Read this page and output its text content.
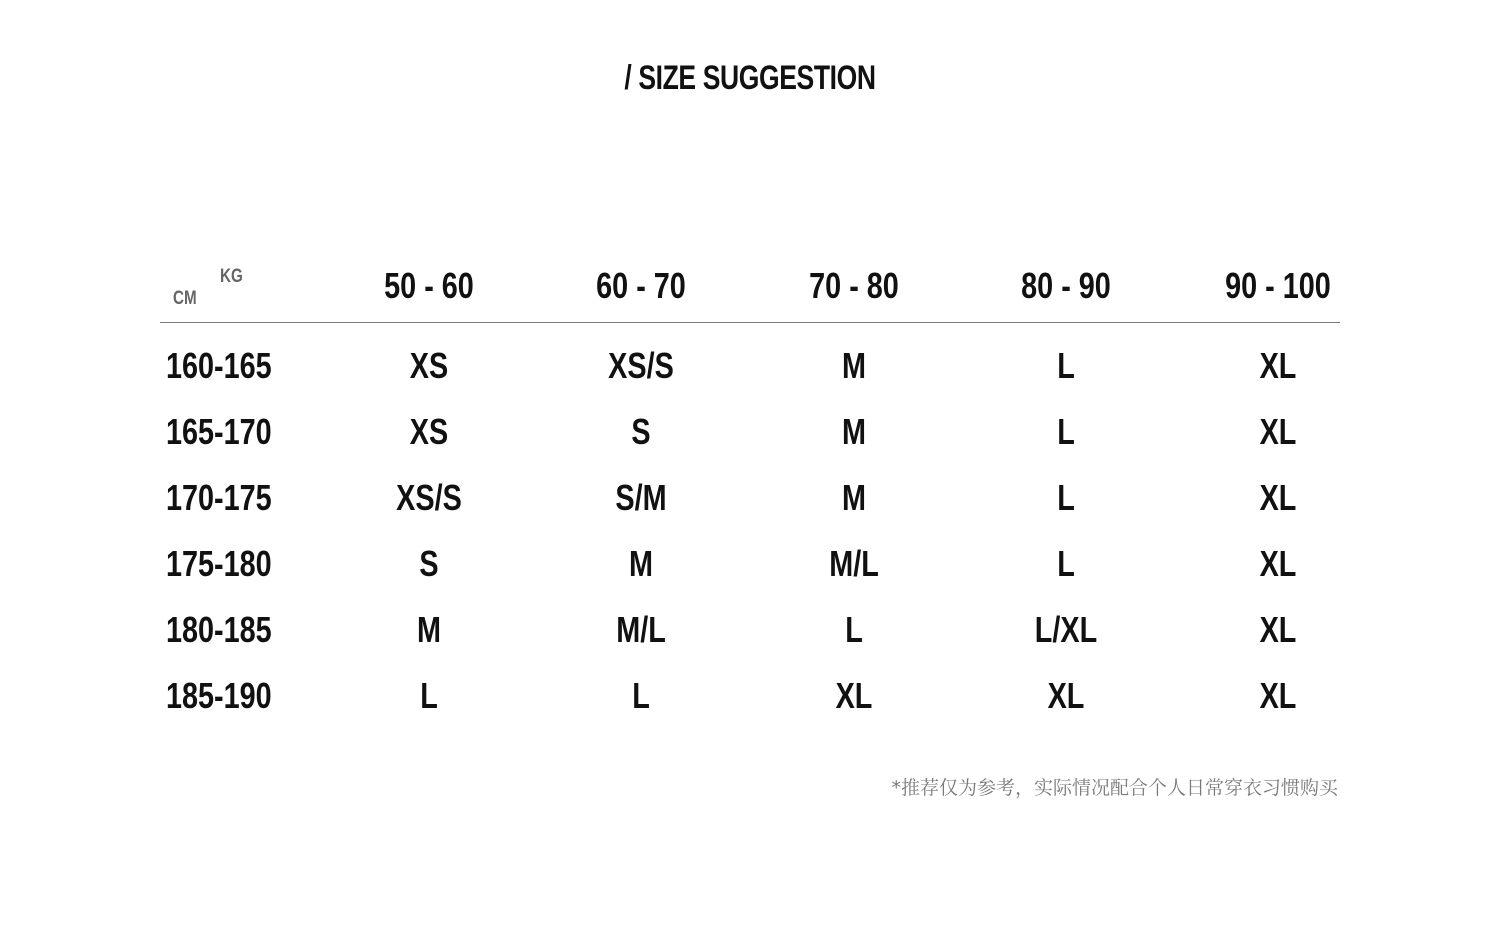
/ SIZE SUGGESTION
KG
CM	50 - 60	60 - 70	70 - 80	80 - 90	90 - 100
160-165	XS	XS/S	M	L	XL
165-170	XS	S	M	L	XL
170-175	XS/S	S/M	M	L	XL
175-180	S	M	M/L	L	XL
180-185	M	M/L	L	L/XL	XL
185-190	L	L	XL	XL	XL
*推荐仅为参考，实际情况配合个人日常穿衣习惯购买
